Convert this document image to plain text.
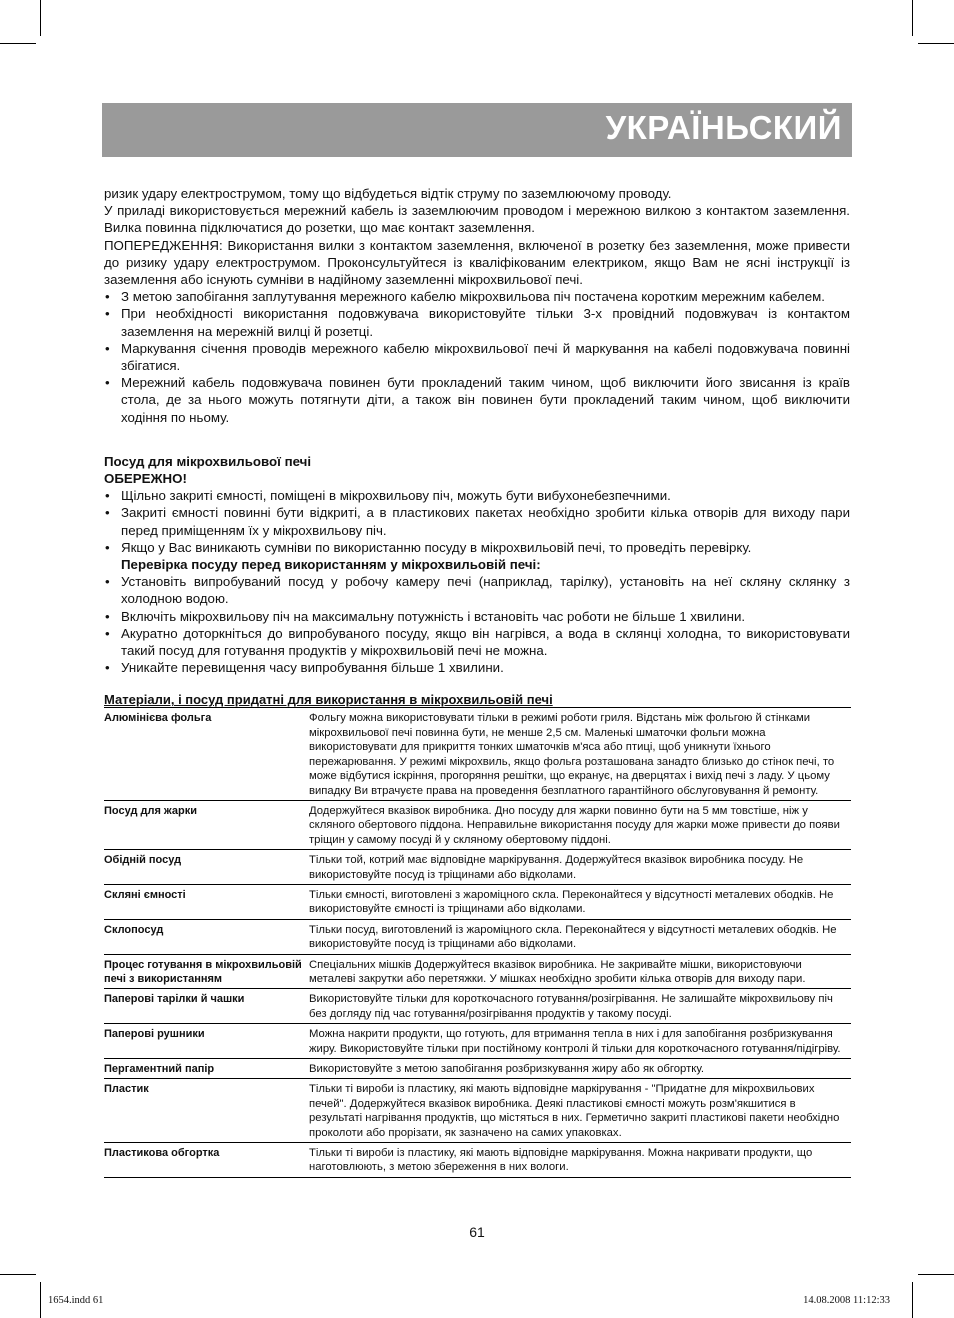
УКРАЇНЬСКИЙ

ризик удару електрострумом, тому що відбудеться відтік струму по заземлюючому проводу.

У приладі використовується мережний кабель із заземлюючим проводом і мережною вилкою з контактом заземлення. Вилка повинна підключатися до розетки, що має контакт заземлення.

ПОПЕРЕДЖЕННЯ: Використання вилки з контактом заземлення, включеної в розетку без заземлення, може привести до ризику удару електрострумом. Проконсультуйтеся із кваліфікованим електриком, якщо Вам не ясні інструкції із заземлення або існують сумніви в надійному заземленні мікрохвильової печі.

• З метою запобігання заплутування мережного кабелю мікрохвильова піч постачена коротким мережним кабелем.
• При необхідності використання подовжувача використовуйте тільки 3-х провідний подовжувач із контактом заземлення на мережній вилці й розетці.
• Маркування січення проводів мережного кабелю мікрохвильової печі й маркування на кабелі подовжувача повинні збігатися.
• Мережний кабель подовжувача повинен бути прокладений таким чином, щоб виключити його звисання із країв стола, де за нього можуть потягнути діти, а також він повинен бути прокладений таким чином, щоб виключити ходіння по ньому.
Посуд для мікрохвильової печі
ОБЕРЕЖНО!
• Щільно закриті ємності, поміщені в мікрохвильову піч, можуть бути вибухонебезпечними.
• Закриті ємності повинні бути відкриті, а в пластикових пакетах необхідно зробити кілька отворів для виходу пари перед приміщенням їх у мікрохвильову піч.
• Якщо у Вас виникають сумніви по використанню посуду в мікрохвильовій печі, то проведіть перевірку.
Перевірка посуду перед використанням у мікрохвильовій печі:
• Установіть випробуваний посуд у робочу камеру печі (наприклад, тарілку), установіть на неї скляну склянку з холодною водою.
• Включіть мікрохвильову піч на максимальну потужність і встановіть час роботи не більше 1 хвилини.
• Акуратно доторкніться до випробуваного посуду, якщо він нагрівся, а вода в склянці холодна, то використовувати такий посуд для готування продуктів у мікрохвильовій печі не можна.
• Уникайте перевищення часу випробування більше 1 хвилини.
Матеріали, і посуд придатні для використання в мікрохвильовій печі
Алюмінієва фольга	Фольгу можна використовувати тільки в режимі роботи гриля. Відстань між фольгою й стінками мікрохвильової печі повинна бути, не менше 2,5 см. Маленькі шматочки фольги можна використовувати для прикриття тонких шматочків м'яса або птиці, щоб уникнути їхнього пережарювання. У режимі мікрохвиль, якщо фольга розташована занадто близько до стінок печі, то може відбутися іскріння, прогоряння решітки, що екранує, на дверцятах і вихід печі з ладу. У цьому випадку Ви втрачуєте права на проведення безплатного гарантійного обслуговування й ремонту.
Посуд для жарки	Додержуйтеся вказівок виробника. Дно посуду для жарки повинно бути на 5 мм товстіше, ніж у скляного обертового піддона. Неправильне використання посуду для жарки може привести до появи тріщин у самому посуді й у скляному обертовому піддоні.
Обідній посуд	Тільки той, котрий має відповідне маркірування. Додержуйтеся вказівок виробника посуду. Не використовуйте посуд із тріщинами або відколами.
Скляні ємності	Тільки ємності, виготовлені з жароміцного скла. Переконайтеся у відсутності металевих ободків. Не використовуйте ємності із тріщинами або відколами.
Склопосуд	Тільки посуд, виготовлений із жароміцного скла. Переконайтеся у відсутності металевих ободків. Не використовуйте посуд із тріщинами або відколами.
Процес готування в мікрохвильовій печі з використанням	Спеціальних мішків Додержуйтеся вказівок виробника. Не закривайте мішки, використовуючи металеві закрутки або перетяжки. У мішках необхідно зробити кілька отворів для виходу пари.
Паперові тарілки й чашки	Використовуйте тільки для короткочасного готування/розігрівання. Не залишайте мікрохвильову піч без догляду під час готування/розігрівання продуктів у такому посуді.
Паперові рушники	Можна накрити продукти, що готують, для втримання тепла в них і для запобігання розбризкування жиру. Використовуйте тільки при постійному контролі й тільки для короткочасного готування/підігріву.
Пергаментний папір	Використовуйте з метою запобігання розбризкування жиру або як обгортку.
Пластик	Тільки ті вироби із пластику, які мають відповідне маркірування - "Придатне для мікрохвильових печей". Додержуйтеся вказівок виробника. Деякі пластикові ємності можуть розм'якшитися в результаті нагрівання продуктів, що містяться в них. Герметично закриті пластикові пакети необхідно проколоти або прорізати, як зазначено на самих упаковках.
Пластикова обгортка	Тільки ті вироби із пластику, які мають відповідне маркірування. Можна накривати продукти, що наготовлюють, з метою збереження в них вологи.
61
1654.indd 61	14.08.2008 11:12:33
